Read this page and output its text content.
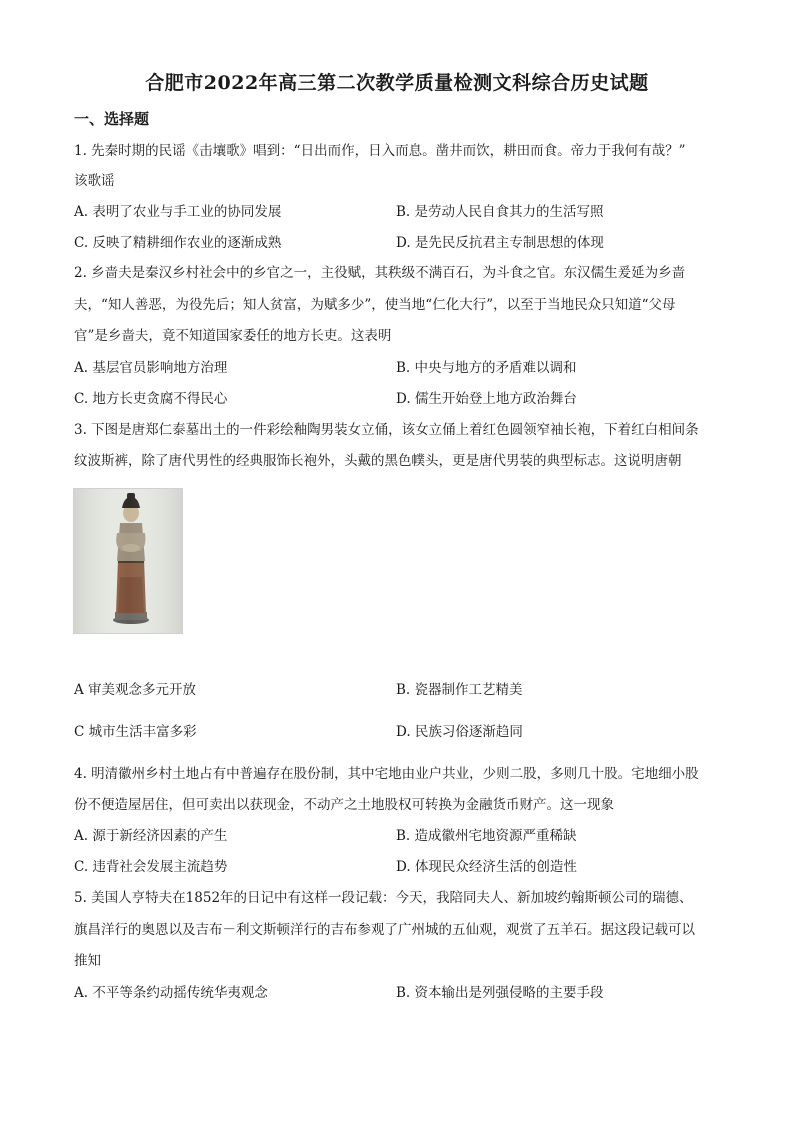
合肥市2022年高三第二次教学质量检测文科综合历史试题
一、选择题
1. 先秦时期的民谣《击壤歌》唱到：“日出而作，日入而息。凿井而饮，耕田而食。帝力于我何有哉？”
该歌谣
A. 表明了农业与手工业的协同发展	B. 是劳动人民自食其力的生活写照
C. 反映了精耕细作农业的逐渐成熟	D. 是先民反抗君主专制思想的体现
2. 乡啬夫是秦汉乡村社会中的乡官之一，主役赋，其秩级不满百石，为斗食之官。东汉儒生爰延为乡啬
夫，“知人善恶，为役先后；知人贫富，为赋多少”，使当地“仁化大行”，以至于当地民众只知道“父母
官”是乡啬夫，竟不知道国家委任的地方长吏。这表明
A. 基层官员影响地方治理	B. 中央与地方的矛盾难以调和
C. 地方长吏贪腐不得民心	D. 儒生开始登上地方政治舞台
3. 下图是唐郑仁泰墓出土的一件彩绘釉陶男装女立俑，该女立俑上着红色圆领窄袖长袍，下着红白相间条
纹波斯裤，除了唐代男性的经典服饰长袍外，头戴的黑色幞头，更是唐代男装的典型标志。这说明唐朝
A 审美观念多元开放	B. 瓷器制作工艺精美
C 城市生活丰富多彩	D. 民族习俗逐渐趋同
4. 明清徽州乡村土地占有中普遍存在股份制，其中宅地由业户共业，少则二股，多则几十股。宅地细小股
份不便造屋居住，但可卖出以获现金，不动产之土地股权可转换为金融货币财产。这一现象
A. 源于新经济因素的产生	B. 造成徽州宅地资源严重稀缺
C. 违背社会发展主流趋势	D. 体现民众经济生活的创造性
5. 美国人亨特夫在1852年的日记中有这样一段记载：今天，我陪同夫人、新加坡约翰斯顿公司的瑞德、
旗昌洋行的奥恩以及吉布－利文斯顿洋行的吉布参观了广州城的五仙观，观赏了五羊石。据这段记载可以
推知
A. 不平等条约动摇传统华夷观念	B. 资本输出是列强侵略的主要手段
